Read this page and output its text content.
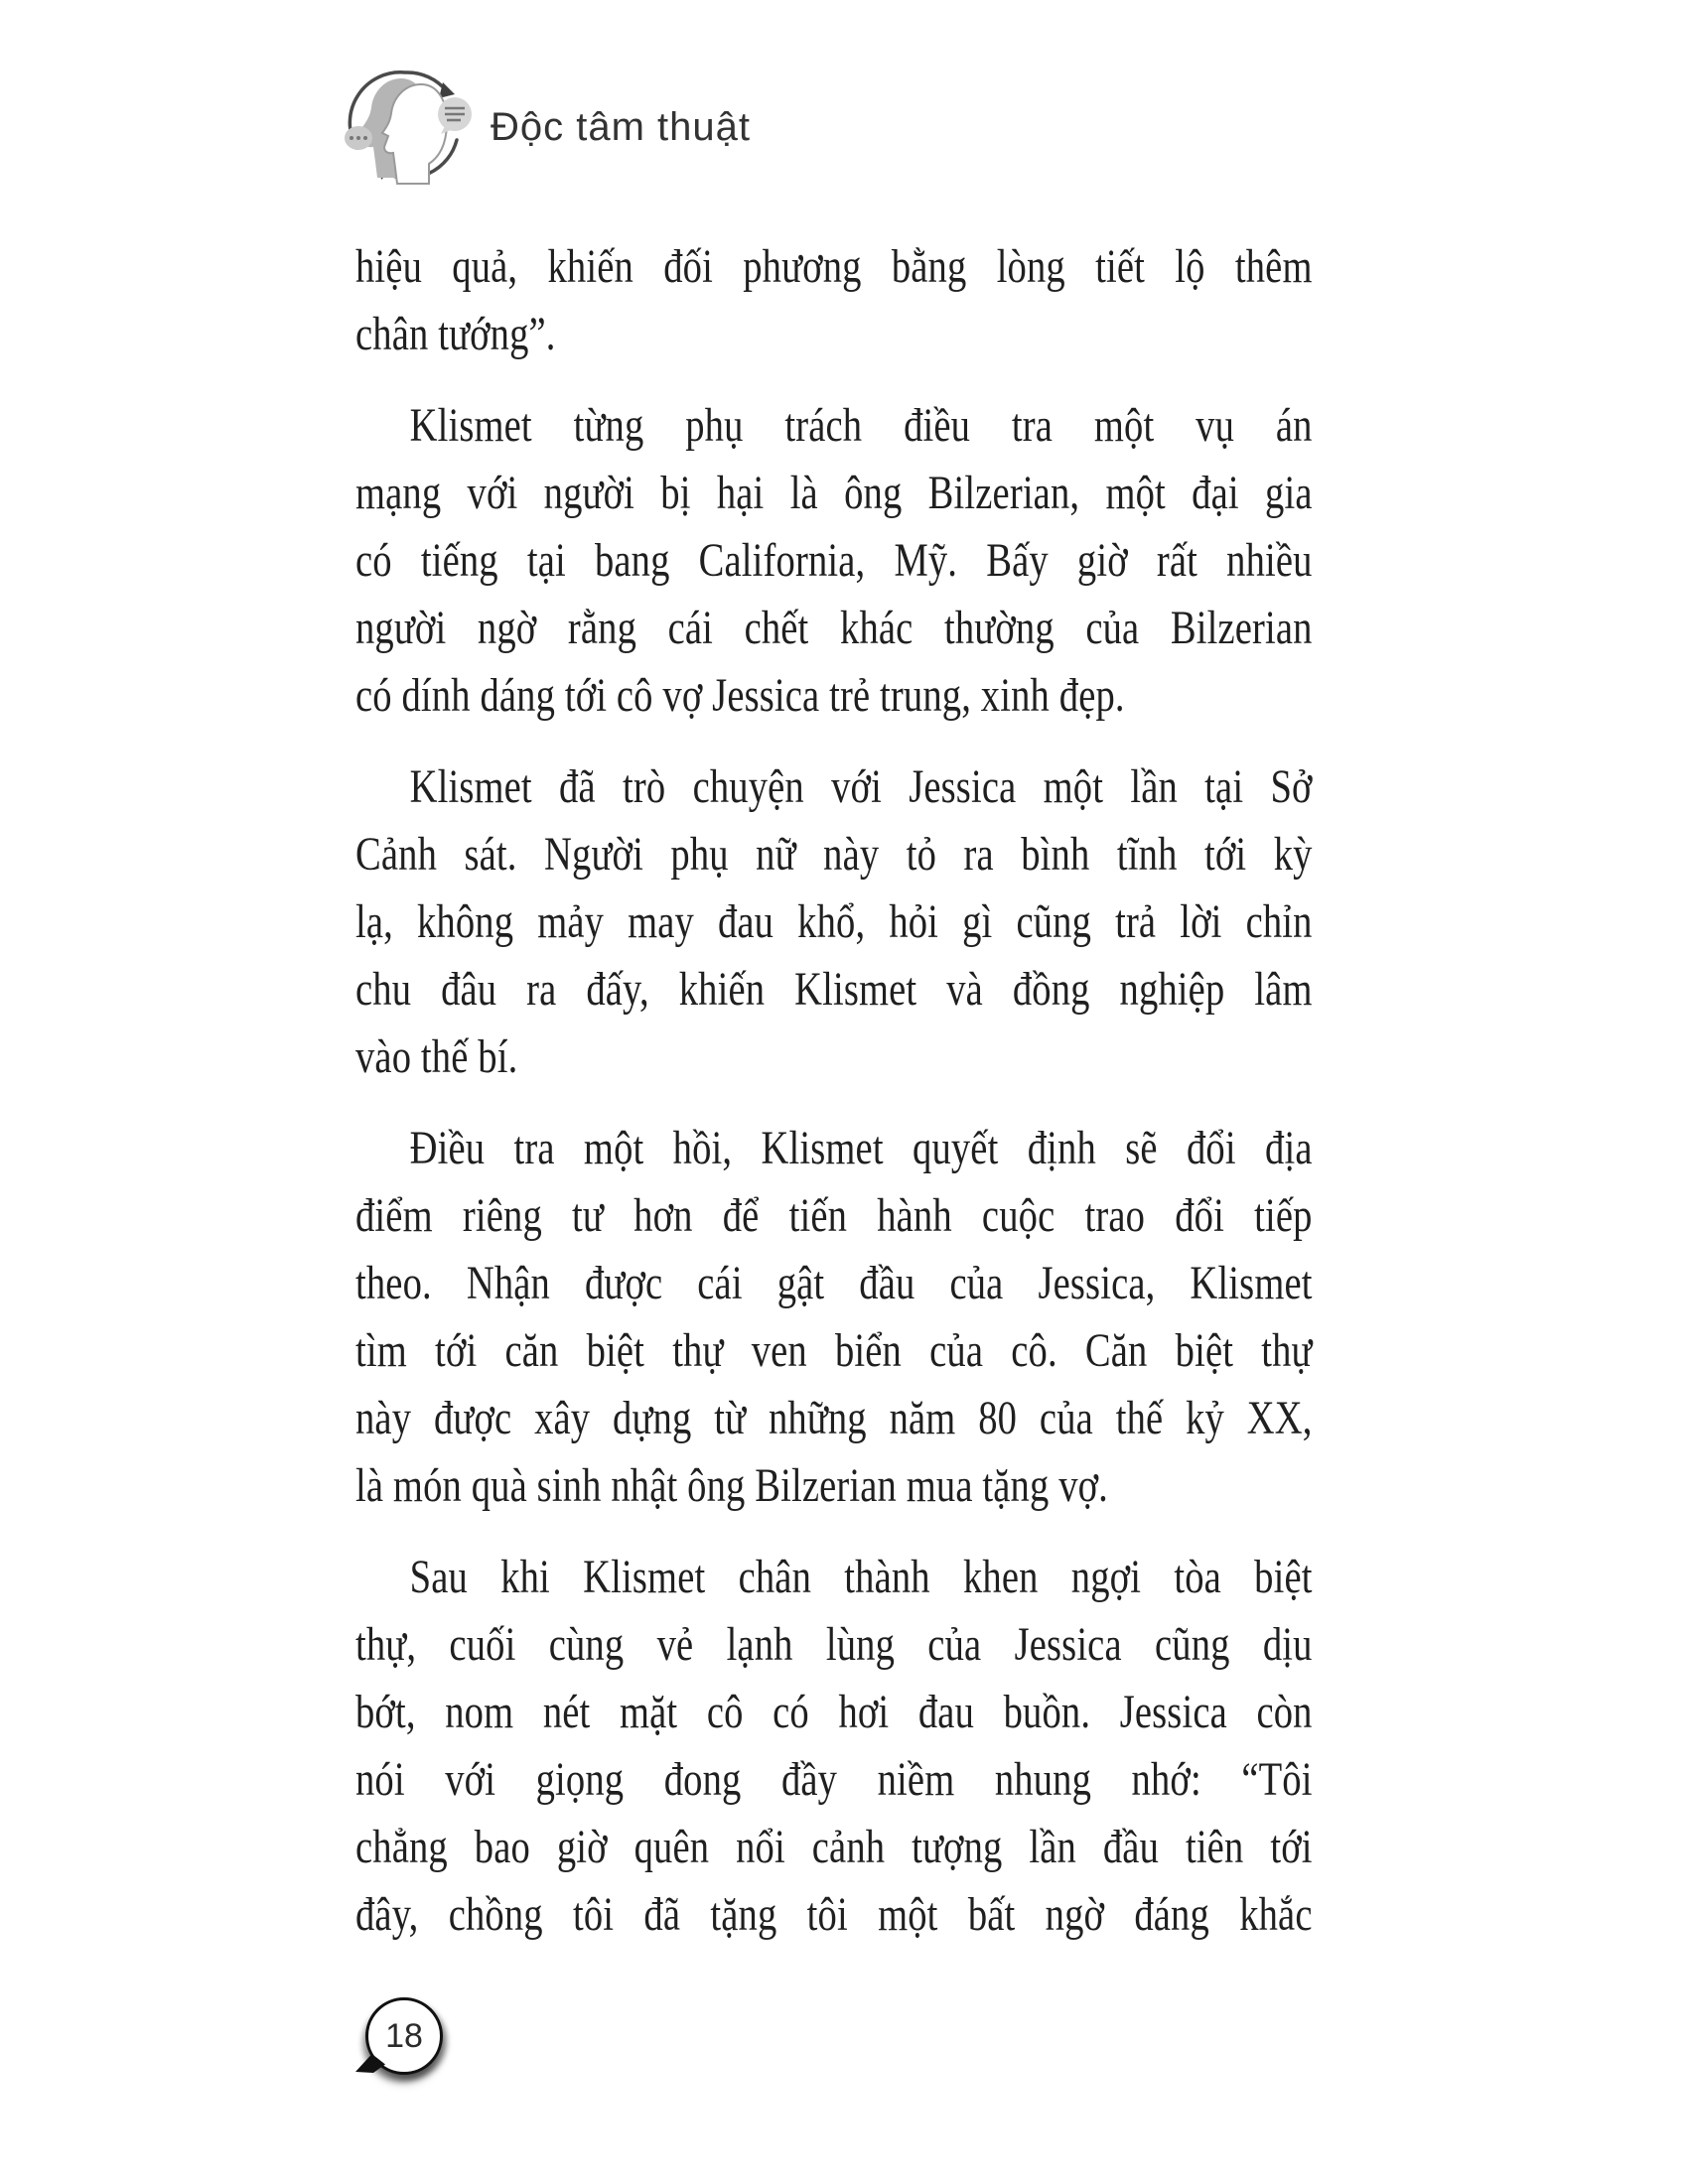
Độc tâm thuật
hiệu quả, khiến đối phương bằng lòng tiết lộ thêm
chân tướng”.
Klismet từng phụ trách điều tra một vụ án
mạng với người bị hại là ông Bilzerian, một đại gia
có tiếng tại bang California, Mỹ. Bấy giờ rất nhiều
người ngờ rằng cái chết khác thường của Bilzerian
có dính dáng tới cô vợ Jessica trẻ trung, xinh đẹp.
Klismet đã trò chuyện với Jessica một lần tại Sở
Cảnh sát. Người phụ nữ này tỏ ra bình tĩnh tới kỳ
lạ, không mảy may đau khổ, hỏi gì cũng trả lời chỉn
chu đâu ra đấy, khiến Klismet và đồng nghiệp lâm
vào thế bí.
Điều tra một hồi, Klismet quyết định sẽ đổi địa
điểm riêng tư hơn để tiến hành cuộc trao đổi tiếp
theo. Nhận được cái gật đầu của Jessica, Klismet
tìm tới căn biệt thự ven biển của cô. Căn biệt thự
này được xây dựng từ những năm 80 của thế kỷ XX,
là món quà sinh nhật ông Bilzerian mua tặng vợ.
Sau khi Klismet chân thành khen ngợi tòa biệt
thự, cuối cùng vẻ lạnh lùng của Jessica cũng dịu
bớt, nom nét mặt cô có hơi đau buồn. Jessica còn
nói với giọng đong đầy niềm nhung nhớ: “Tôi
chẳng bao giờ quên nổi cảnh tượng lần đầu tiên tới
đây, chồng tôi đã tặng tôi một bất ngờ đáng khắc
18
